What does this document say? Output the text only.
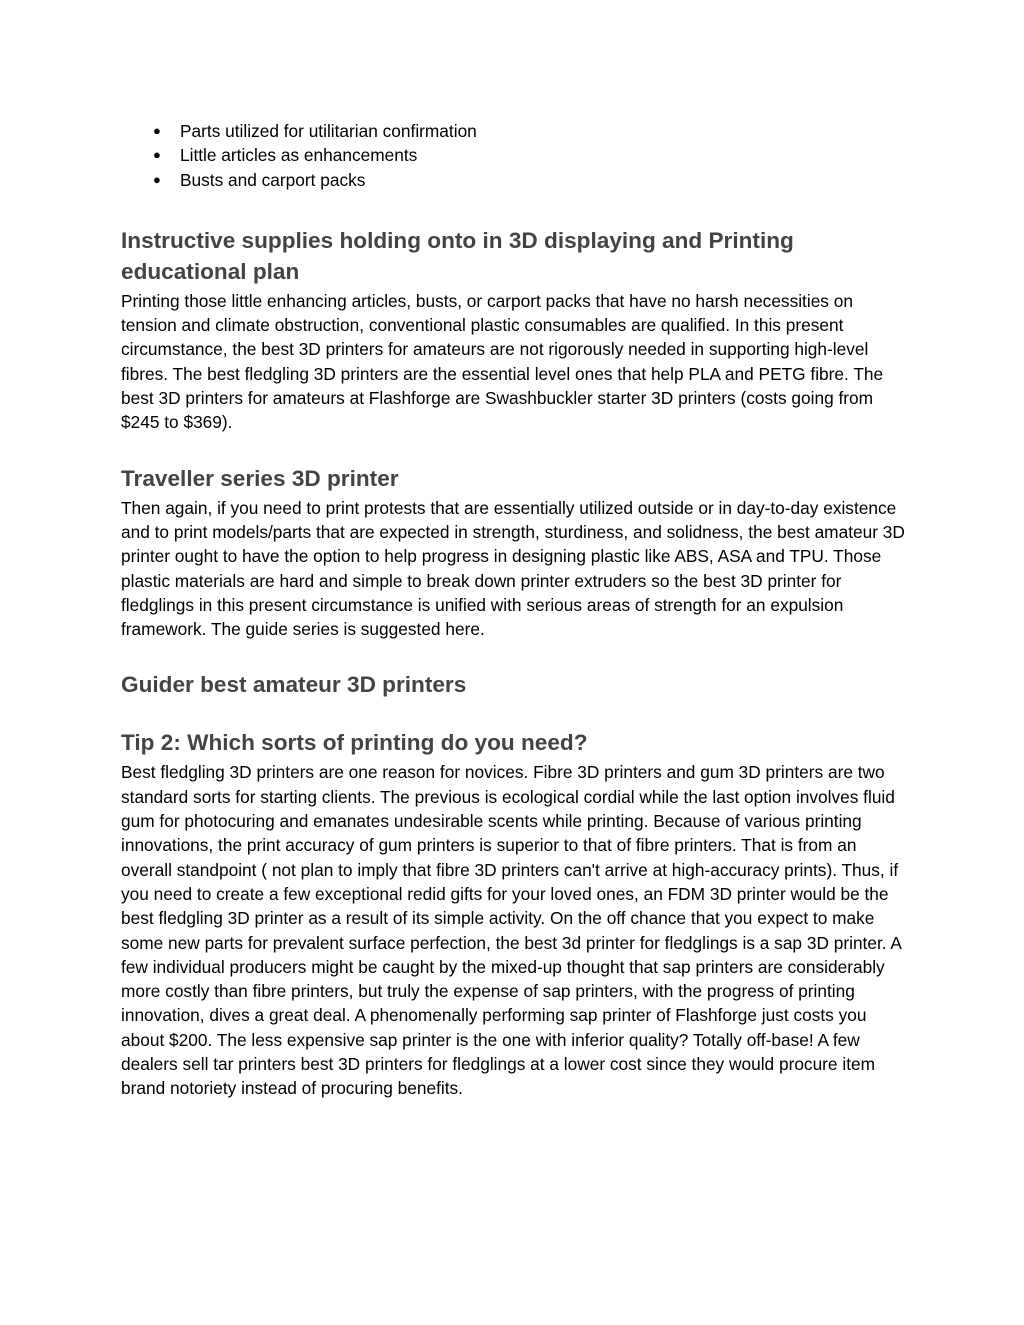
● Parts utilized for utilitarian confirmation
● Little articles as enhancements
● Busts and carport packs
Instructive supplies holding onto in 3D displaying and Printing educational plan

Printing those little enhancing articles, busts, or carport packs that have no harsh necessities on tension and climate obstruction, conventional plastic consumables are qualified. In this present circumstance, the best 3D printers for amateurs are not rigorously needed in supporting high-level fibres. The best fledgling 3D printers are the essential level ones that help PLA and PETG fibre. The best 3D printers for amateurs at Flashforge are Swashbuckler starter 3D printers (costs going from $245 to $369).

Traveller series 3D printer

Then again, if you need to print protests that are essentially utilized outside or in day-to-day existence and to print models/parts that are expected in strength, sturdiness, and solidness, the best amateur 3D printer ought to have the option to help progress in designing plastic like ABS, ASA and TPU. Those plastic materials are hard and simple to break down printer extruders so the best 3D printer for fledglings in this present circumstance is unified with serious areas of strength for an expulsion framework. The guide series is suggested here.

Guider best amateur 3D printers
Tip 2: Which sorts of printing do you need?

Best fledgling 3D printers are one reason for novices. Fibre 3D printers and gum 3D printers are two standard sorts for starting clients. The previous is ecological cordial while the last option involves fluid gum for photocuring and emanates undesirable scents while printing. Because of various printing innovations, the print accuracy of gum printers is superior to that of fibre printers. That is from an overall standpoint ( not plan to imply that fibre 3D printers can't arrive at high-accuracy prints). Thus, if you need to create a few exceptional redid gifts for your loved ones, an FDM 3D printer would be the best fledgling 3D printer as a result of its simple activity. On the off chance that you expect to make some new parts for prevalent surface perfection, the best 3d printer for fledglings is a sap 3D printer. A few individual producers might be caught by the mixed-up thought that sap printers are considerably more costly than fibre printers, but truly the expense of sap printers, with the progress of printing innovation, dives a great deal. A phenomenally performing sap printer of Flashforge just costs you about $200. The less expensive sap printer is the one with inferior quality? Totally off-base! A few dealers sell tar printers best 3D printers for fledglings at a lower cost since they would procure item brand notoriety instead of procuring benefits.
